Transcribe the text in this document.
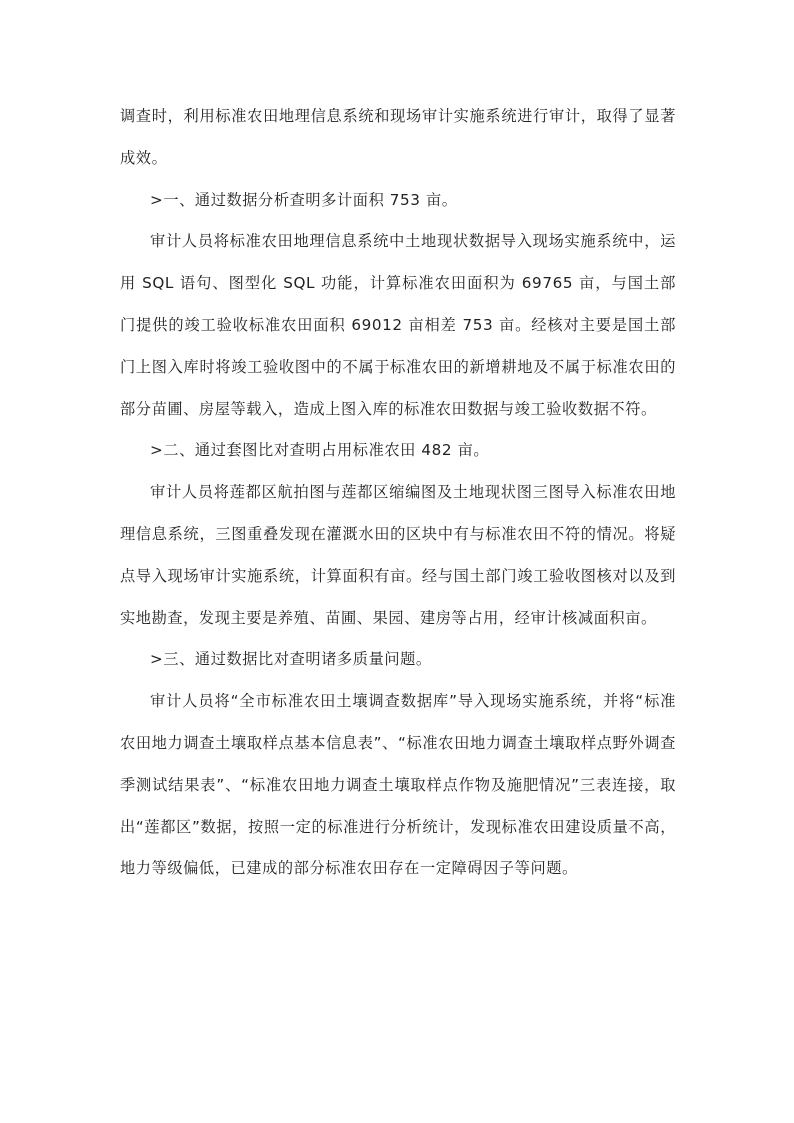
调查时，利用标准农田地理信息系统和现场审计实施系统进行审计，取得了显著成效。

>一、通过数据分析查明多计面积 753 亩。

审计人员将标准农田地理信息系统中土地现状数据导入现场实施系统中，运用 SQL 语句、图型化 SQL 功能，计算标准农田面积为 69765 亩，与国土部门提供的竣工验收标准农田面积 69012 亩相差 753 亩。经核对主要是国土部门上图入库时将竣工验收图中的不属于标准农田的新增耕地及不属于标准农田的部分苗圃、房屋等载入，造成上图入库的标准农田数据与竣工验收数据不符。

>二、通过套图比对查明占用标准农田 482 亩。

审计人员将莲都区航拍图与莲都区缩编图及土地现状图三图导入标准农田地理信息系统，三图重叠发现在灌溉水田的区块中有与标准农田不符的情况。将疑点导入现场审计实施系统，计算面积有亩。经与国土部门竣工验收图核对以及到实地勘查，发现主要是养殖、苗圃、果园、建房等占用，经审计核减面积亩。

>三、通过数据比对查明诸多质量问题。

审计人员将“全市标准农田土壤调查数据库”导入现场实施系统，并将“标准农田地力调查土壤取样点基本信息表”、“标准农田地力调查土壤取样点野外调查季测试结果表”、“标准农田地力调查土壤取样点作物及施肥情况”三表连接，取出“莲都区”数据，按照一定的标准进行分析统计，发现标准农田建设质量不高，地力等级偏低，已建成的部分标准农田存在一定障碍因子等问题。
